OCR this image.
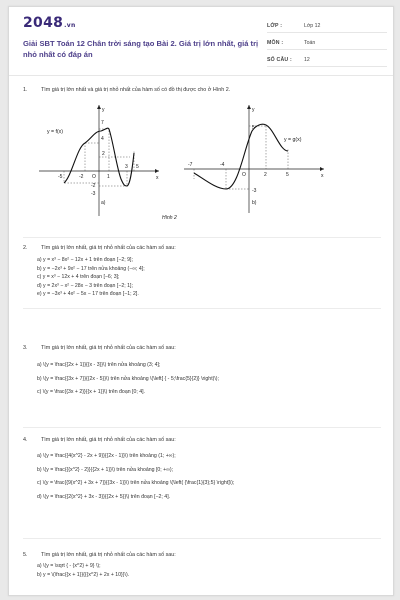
2048.vn
Giải SBT Toán 12 Chân trời sáng tạo Bài 2. Giá trị lớn nhất, giá trị nhỏ nhất có đáp án
LỚP :	Lớp 12
MÔN :	Toán
SỐ CÂU : 12
1.	Tìm giá trị lớn nhất và giá trị nhỏ nhất của hàm số có đồ thị được cho ở Hình 2.
y = f(x)
y
x
-5	-2 O 1
3 5
7
4
2
-2
-3
a)
y = g(x)
y
x
-7	-4
O	2	5
5
-3
b)
Hình 2
2.	Tìm giá trị lớn nhất, giá trị nhỏ nhất của các hàm số sau:
a) y = x³ − 8x² − 12x + 1 trên đoạn [−2; 9];
b) y = −2x³ + 9x² − 17 trên nửa khoảng (−∞; 4];
c) y = x³ − 12x + 4 trên đoạn [−6; 3];
d) y = 2x³ − x² − 28x − 3 trên đoạn [−2; 1];
e) y = −3x³ + 4x² − 5x − 17 trên đoạn [−1; 2].
3.	Tìm giá trị lớn nhất, giá trị nhỏ nhất của các hàm số sau:
a) \(y = \frac{{2x + 1}}{{x - 3}}\) trên nửa khoảng (3; 4];
b) \(y = \frac{{3x + 7}}{{2x - 5}}\) trên nửa khoảng \(\left[ { - 5;\frac{5}{2}} \right)\);
c) \(y = \frac{{3x + 2}}{{x + 1}}\) trên đoạn [0; 4].
4.	Tìm giá trị lớn nhất, giá trị nhỏ nhất của các hàm số sau:
a) \(y = \frac{{4{x^2} - 2x + 9}}{{2x - 1}}\) trên khoảng (1; +∞);
b) \(y = \frac{{{x^2} - 2}}{{2x + 1}}\) trên nửa khoảng [0; +∞);
c) \(y = \frac{{9{x^2} + 3x + 7}}{{3x - 1}}\) trên nửa khoảng \(\left( {\frac{1}{3};5} \right]\);
d) \(y = \frac{{2{x^2} + 3x - 3}}{{2x + 5}}\) trên đoạn [−2; 4].
5.	Tìm giá trị lớn nhất, giá trị nhỏ nhất của các hàm số sau:
a) \(y = \sqrt { - {x^2} + 9} \);
b) y = \(\frac{{x + 1}}{{{x^2} + 2x + 10}}\).
